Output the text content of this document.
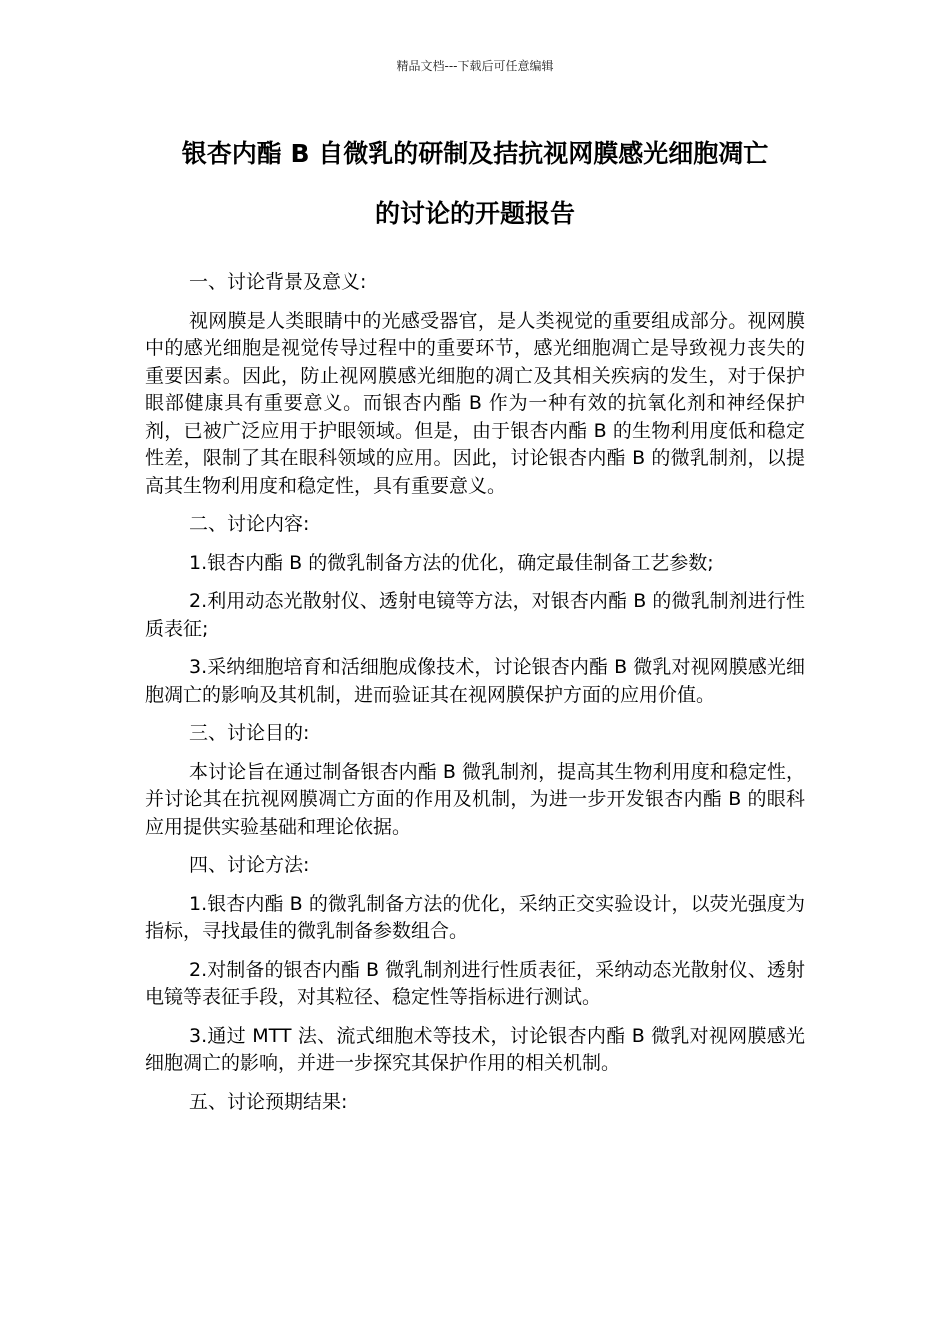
精品文档---下载后可任意编辑
银杏内酯 B 自微乳的研制及拮抗视网膜感光细胞凋亡
的讨论的开题报告

一、讨论背景及意义:

视网膜是人类眼睛中的光感受器官，是人类视觉的重要组成部分。视网膜中的感光细胞是视觉传导过程中的重要环节，感光细胞凋亡是导致视力丧失的重要因素。因此，防止视网膜感光细胞的凋亡及其相关疾病的发生，对于保护眼部健康具有重要意义。而银杏内酯 B 作为一种有效的抗氧化剂和神经保护剂，已被广泛应用于护眼领域。但是，由于银杏内酯 B 的生物利用度低和稳定性差，限制了其在眼科领域的应用。因此，讨论银杏内酯 B 的微乳制剂，以提高其生物利用度和稳定性，具有重要意义。

二、讨论内容:

1.银杏内酯 B 的微乳制备方法的优化，确定最佳制备工艺参数;

2.利用动态光散射仪、透射电镜等方法，对银杏内酯 B 的微乳制剂进行性质表征;

3.采纳细胞培育和活细胞成像技术，讨论银杏内酯 B 微乳对视网膜感光细胞凋亡的影响及其机制，进而验证其在视网膜保护方面的应用价值。

三、讨论目的:

本讨论旨在通过制备银杏内酯 B 微乳制剂，提高其生物利用度和稳定性，并讨论其在抗视网膜凋亡方面的作用及机制，为进一步开发银杏内酯 B 的眼科应用提供实验基础和理论依据。

四、讨论方法:

1.银杏内酯 B 的微乳制备方法的优化，采纳正交实验设计，以荧光强度为指标，寻找最佳的微乳制备参数组合。

2.对制备的银杏内酯 B 微乳制剂进行性质表征，采纳动态光散射仪、透射电镜等表征手段，对其粒径、稳定性等指标进行测试。

3.通过 MTT 法、流式细胞术等技术，讨论银杏内酯 B 微乳对视网膜感光细胞凋亡的影响，并进一步探究其保护作用的相关机制。

五、讨论预期结果:
